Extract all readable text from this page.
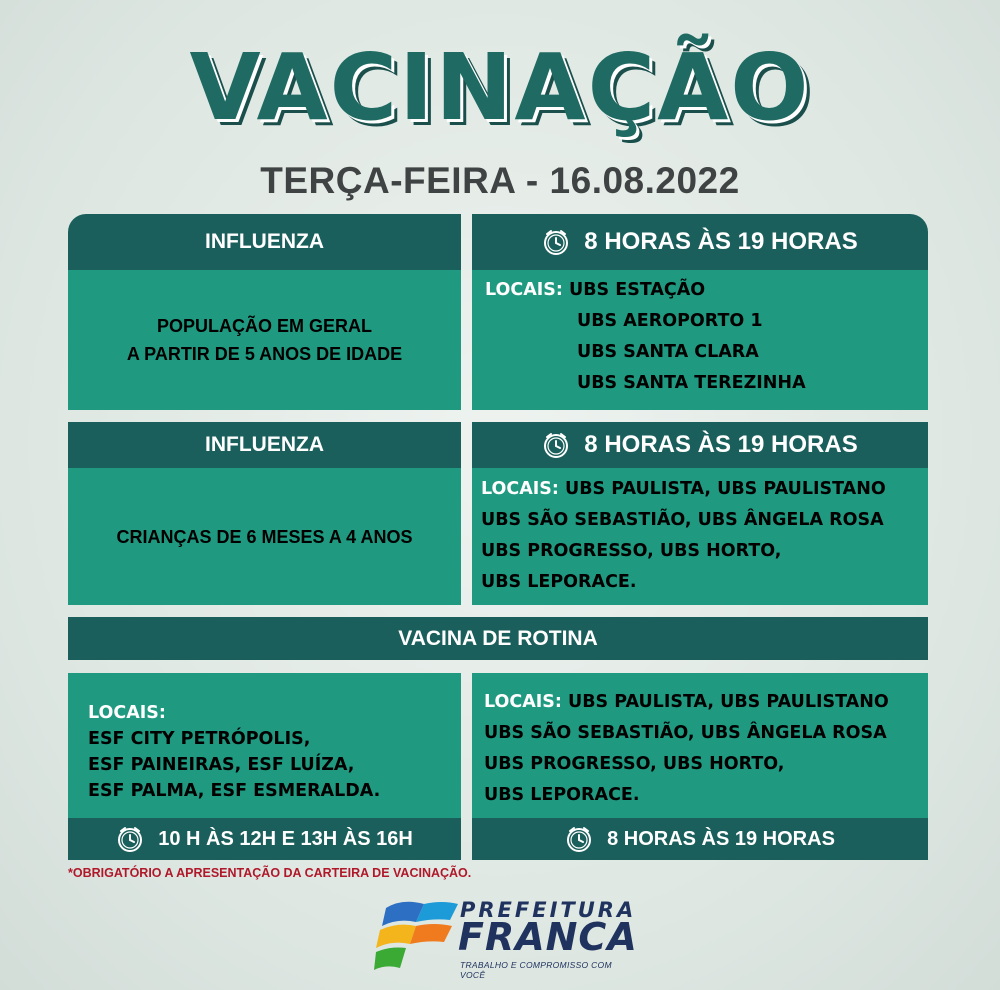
VACINAÇÃO
TERÇA-FEIRA - 16.08.2022
INFLUENZA
POPULAÇÃO EM GERAL
A PARTIR DE 5 ANOS DE IDADE
8 HORAS ÀS 19 HORAS
LOCAIS: UBS ESTAÇÃO
UBS AEROPORTO 1
UBS SANTA CLARA
UBS SANTA TEREZINHA
INFLUENZA
CRIANÇAS DE 6 MESES A 4 ANOS
8 HORAS ÀS 19 HORAS
LOCAIS: UBS PAULISTA, UBS PAULISTANO
UBS SÃO SEBASTIÃO, UBS ÂNGELA ROSA
UBS PROGRESSO, UBS HORTO,
UBS LEPORACE.
VACINA DE ROTINA
LOCAIS:
ESF CITY PETRÓPOLIS,
ESF PAINEIRAS, ESF LUÍZA,
ESF PALMA, ESF ESMERALDA.
10 H ÀS 12H E 13H ÀS 16H
LOCAIS: UBS PAULISTA, UBS PAULISTANO
UBS SÃO SEBASTIÃO, UBS ÂNGELA ROSA
UBS PROGRESSO, UBS HORTO,
UBS LEPORACE.
8 HORAS ÀS 19 HORAS
*OBRIGATÓRIO A APRESENTAÇÃO DA CARTEIRA DE VACINAÇÃO.
PREFEITURA
FRANCA
TRABALHO E COMPROMISSO COM VOCÊ
